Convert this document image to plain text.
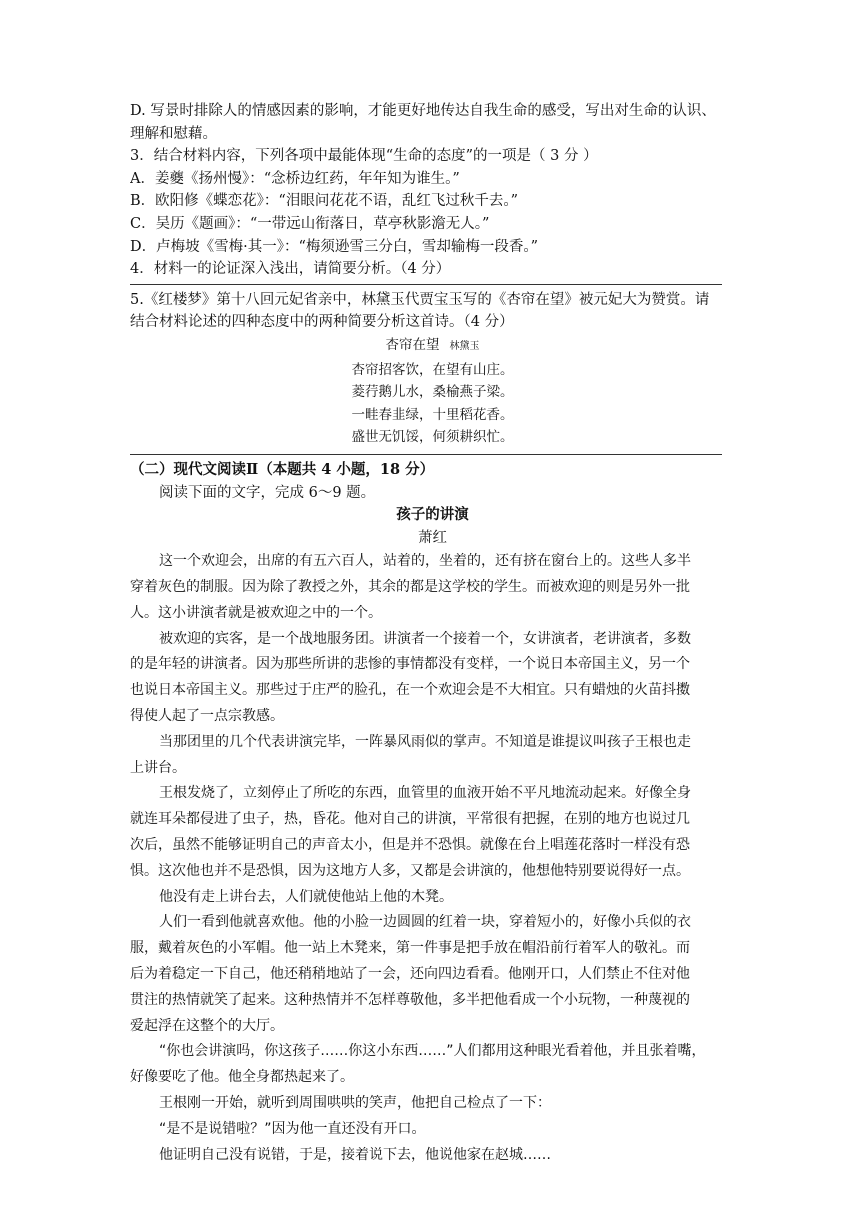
D. 写景时排除人的情感因素的影响，才能更好地传达自我生命的感受，写出对生命的认识、
理解和慰藉。
3．结合材料内容，下列各项中最能体现“生命的态度”的一项是（ 3 分 ）
A．姜夔《扬州慢》：“念桥边红药，年年知为谁生。”
B．欧阳修《蝶恋花》：“泪眼问花花不语，乱红飞过秋千去。”
C．吴历《题画》：“一带远山衔落日，草亭秋影澹无人。”
D．卢梅坡《雪梅·其一》：“梅须逊雪三分白，雪却输梅一段香。”
4．材料一的论证深入浅出，请简要分析。（4 分）
5.《红楼梦》第十八回元妃省亲中，林黛玉代贾宝玉写的《杏帘在望》被元妃大为赞赏。请
结合材料论述的四种态度中的两种简要分析这首诗。（4 分）
杏帘在望 林黛玉
杏帘招客饮，在望有山庄。
菱荇鹅儿水，桑榆燕子梁。
一畦春韭绿，十里稻花香。
盛世无饥馁，何须耕织忙。
（二）现代文阅读Ⅱ（本题共 4 小题，18 分）
阅读下面的文字，完成 6～9 题。
孩子的讲演
萧红
这一个欢迎会，出席的有五六百人，站着的，坐着的，还有挤在窗台上的。这些人多半
穿着灰色的制服。因为除了教授之外，其余的都是这学校的学生。而被欢迎的则是另外一批
人。这小讲演者就是被欢迎之中的一个。
被欢迎的宾客，是一个战地服务团。讲演者一个接着一个，女讲演者，老讲演者，多数
的是年轻的讲演者。因为那些所讲的悲惨的事情都没有变样，一个说日本帝国主义，另一个
也说日本帝国主义。那些过于庄严的脸孔，在一个欢迎会是不大相宜。只有蜡烛的火苗抖擞
得使人起了一点宗教感。
当那团里的几个代表讲演完毕，一阵暴风雨似的掌声。不知道是谁提议叫孩子王根也走
上讲台。
王根发烧了，立刻停止了所吃的东西，血管里的血液开始不平凡地流动起来。好像全身
就连耳朵都侵进了虫子，热，昏花。他对自己的讲演，平常很有把握，在别的地方也说过几
次后，虽然不能够证明自己的声音太小，但是并不恐惧。就像在台上唱莲花落时一样没有恐
惧。这次他也并不是恐惧，因为这地方人多，又都是会讲演的，他想他特别要说得好一点。
他没有走上讲台去，人们就使他站上他的木凳。
人们一看到他就喜欢他。他的小脸一边圆圆的红着一块，穿着短小的，好像小兵似的衣
服，戴着灰色的小军帽。他一站上木凳来，第一件事是把手放在帽沿前行着军人的敬礼。而
后为着稳定一下自己，他还稍稍地站了一会，还向四边看看。他刚开口，人们禁止不住对他
贯注的热情就笑了起来。这种热情并不怎样尊敬他，多半把他看成一个小玩物，一种蔑视的
爱起浮在这整个的大厅。
“你也会讲演吗，你这孩子……你这小东西……”人们都用这种眼光看着他，并且张着嘴，
好像要吃了他。他全身都热起来了。
王根刚一开始，就听到周围哄哄的笑声，他把自己检点了一下：
“是不是说错啦？”因为他一直还没有开口。
他证明自己没有说错，于是，接着说下去，他说他家在赵城……
